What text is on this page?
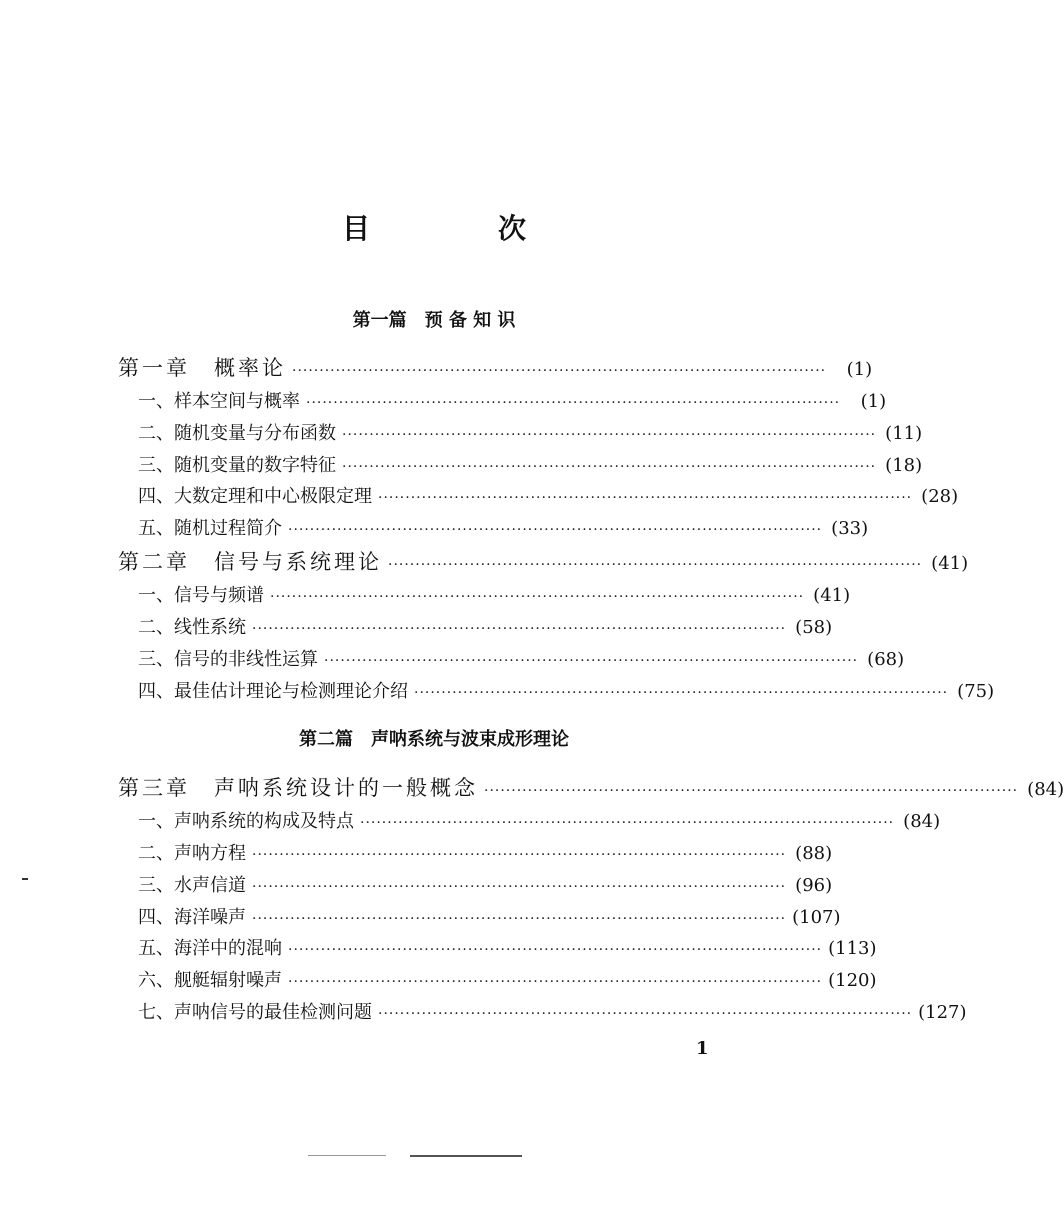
目　次
第一篇　预 备 知 识
第一章　概率论 ··································································································	(1)
一、样本空间与概率 ··································································································	(1)
二、随机变量与分布函数 ·································································································· (11)
三、随机变量的数字特征 ·································································································· (18)
四、大数定理和中心极限定理 ·································································································· (28)
五、随机过程简介 ·································································································· (33)
第二章　信号与系统理论 ·································································································· (41)
一、信号与频谱 ·································································································· (41)
二、线性系统 ·································································································· (58)
三、信号的非线性运算 ·································································································· (68)
四、最佳估计理论与检测理论介绍 ·································································································· (75)
第二篇　声呐系统与波束成形理论
第三章　声呐系统设计的一般概念 ·································································································· (84)
一、声呐系统的构成及特点 ·································································································· (84)
二、声呐方程 ·································································································· (88)
三、水声信道 ·································································································· (96)
四、海洋噪声 ·································································································· (107)
五、海洋中的混响 ·································································································· (113)
六、舰艇辐射噪声 ·································································································· (120)
七、声呐信号的最佳检测问题 ·································································································· (127)
1
